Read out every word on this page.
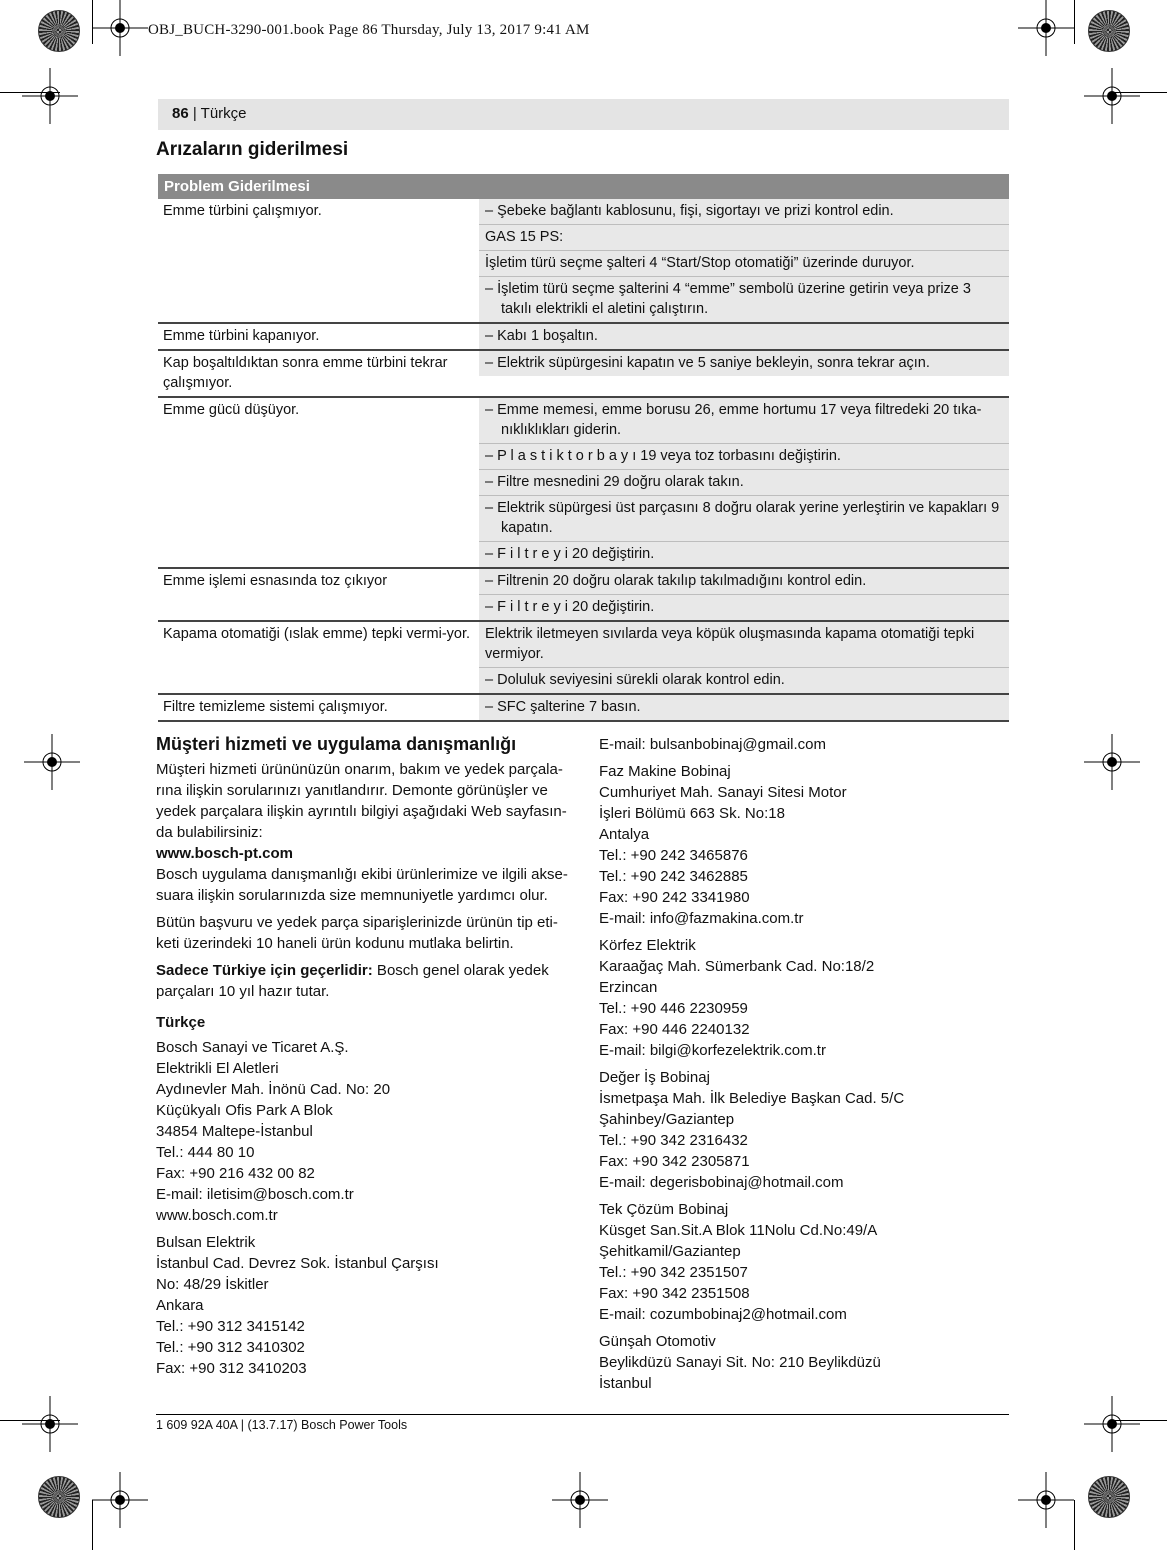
OBJ_BUCH-3290-001.book Page 86 Thursday, July 13, 2017 9:41 AM
86 | Türkçe
Arızaların giderilmesi
Problem Giderilmesi	
Emme türbini çalışmıyor.	– Şebeke bağlantı kablosunu, fişi, sigortayı ve prizi kontrol edin.
GAS 15 PS:
İşletim türü seçme şalteri 4 “Start/Stop otomatiği” üzerinde duruyor.
– İşletim türü seçme şalterini 4 “emme” sembolü üzerine getirin veya prize 3 takılı elektrikli el aletini çalıştırın.

Emme türbini kapanıyor.	– Kabı 1 boşaltın.

Kap boşaltıldıktan sonra emme türbini tekrar çalışmıyor.	– Elektrik süpürgesini kapatın ve 5 saniye bekleyin, sonra tekrar açın.

Emme gücü düşüyor.	– Emme memesi, emme borusu 26, emme hortumu 17 veya filtredeki 20 tıka-nıklıklıkları giderin.
– P l a s t i k t o r b a y ı 19 veya toz torbasını değiştirin.
– Filtre mesnedini 29 doğru olarak takın.
– Elektrik süpürgesi üst parçasını 8 doğru olarak yerine yerleştirin ve kapakları 9 kapatın.
– F i l t r e y i 20 değiştirin.

Emme işlemi esnasında toz çıkıyor	– Filtrenin 20 doğru olarak takılıp takılmadığını kontrol edin.
– F i l t r e y i 20 değiştirin.

Kapama otomatiği (ıslak emme) tepki vermi-yor.	Elektrik iletmeyen sıvılarda veya köpük oluşmasında kapama otomatiği tepki vermiyor.
– Doluluk seviyesini sürekli olarak kontrol edin.

Filtre temizleme sistemi çalışmıyor.	– SFC şalterine 7 basın.
Müşteri hizmeti ve uygulama danışmanlığı

Müşteri hizmeti ürününüzün onarım, bakım ve yedek parçala-rına ilişkin sorularınızı yanıtlandırır. Demonte görünüşler ve yedek parçalara ilişkin ayrıntılı bilgiyi aşağıdaki Web sayfasın-da bulabilirsiniz:

www.bosch-pt.com

Bosch uygulama danışmanlığı ekibi ürünlerimize ve ilgili akse-suara ilişkin sorularınızda size memnuniyetle yardımcı olur.

Bütün başvuru ve yedek parça siparişlerinizde ürünün tip eti-keti üzerindeki 10 haneli ürün kodunu mutlaka belirtin.

Sadece Türkiye için geçerlidir: Bosch genel olarak yedek parçaları 10 yıl hazır tutar.

Türkçe
Bosch Sanayi ve Ticaret A.Ş.
Elektrikli El Aletleri
Aydınevler Mah. İnönü Cad. No: 20
Küçükyalı Ofis Park A Blok
34854 Maltepe-İstanbul
Tel.: 444 80 10
Fax: +90 216 432 00 82
E-mail: iletisim@bosch.com.tr
www.bosch.com.tr
Bulsan Elektrik
İstanbul Cad. Devrez Sok. İstanbul Çarşısı
No: 48/29 İskitler
Ankara
Tel.: +90 312 3415142
Tel.: +90 312 3410302
Fax: +90 312 3410203
E-mail: bulsanbobinaj@gmail.com
Faz Makine Bobinaj
Cumhuriyet Mah. Sanayi Sitesi Motor
İşleri Bölümü 663 Sk. No:18
Antalya
Tel.: +90 242 3465876
Tel.: +90 242 3462885
Fax: +90 242 3341980
E-mail: info@fazmakina.com.tr
Körfez Elektrik
Karaağaç Mah. Sümerbank Cad. No:18/2
Erzincan
Tel.: +90 446 2230959
Fax: +90 446 2240132
E-mail: bilgi@korfezelektrik.com.tr
Değer İş Bobinaj
İsmetpaşa Mah. İlk Belediye Başkan Cad. 5/C
Şahinbey/Gaziantep
Tel.: +90 342 2316432
Fax: +90 342 2305871
E-mail: degerisbobinaj@hotmail.com
Tek Çözüm Bobinaj
Küsget San.Sit.A Blok 11Nolu Cd.No:49/A
Şehitkamil/Gaziantep
Tel.: +90 342 2351507
Fax: +90 342 2351508
E-mail: cozumbobinaj2@hotmail.com
Günşah Otomotiv
Beylikdüzü Sanayi Sit. No: 210 Beylikdüzü
İstanbul
1 609 92A 40A | (13.7.17) Bosch Power Tools
